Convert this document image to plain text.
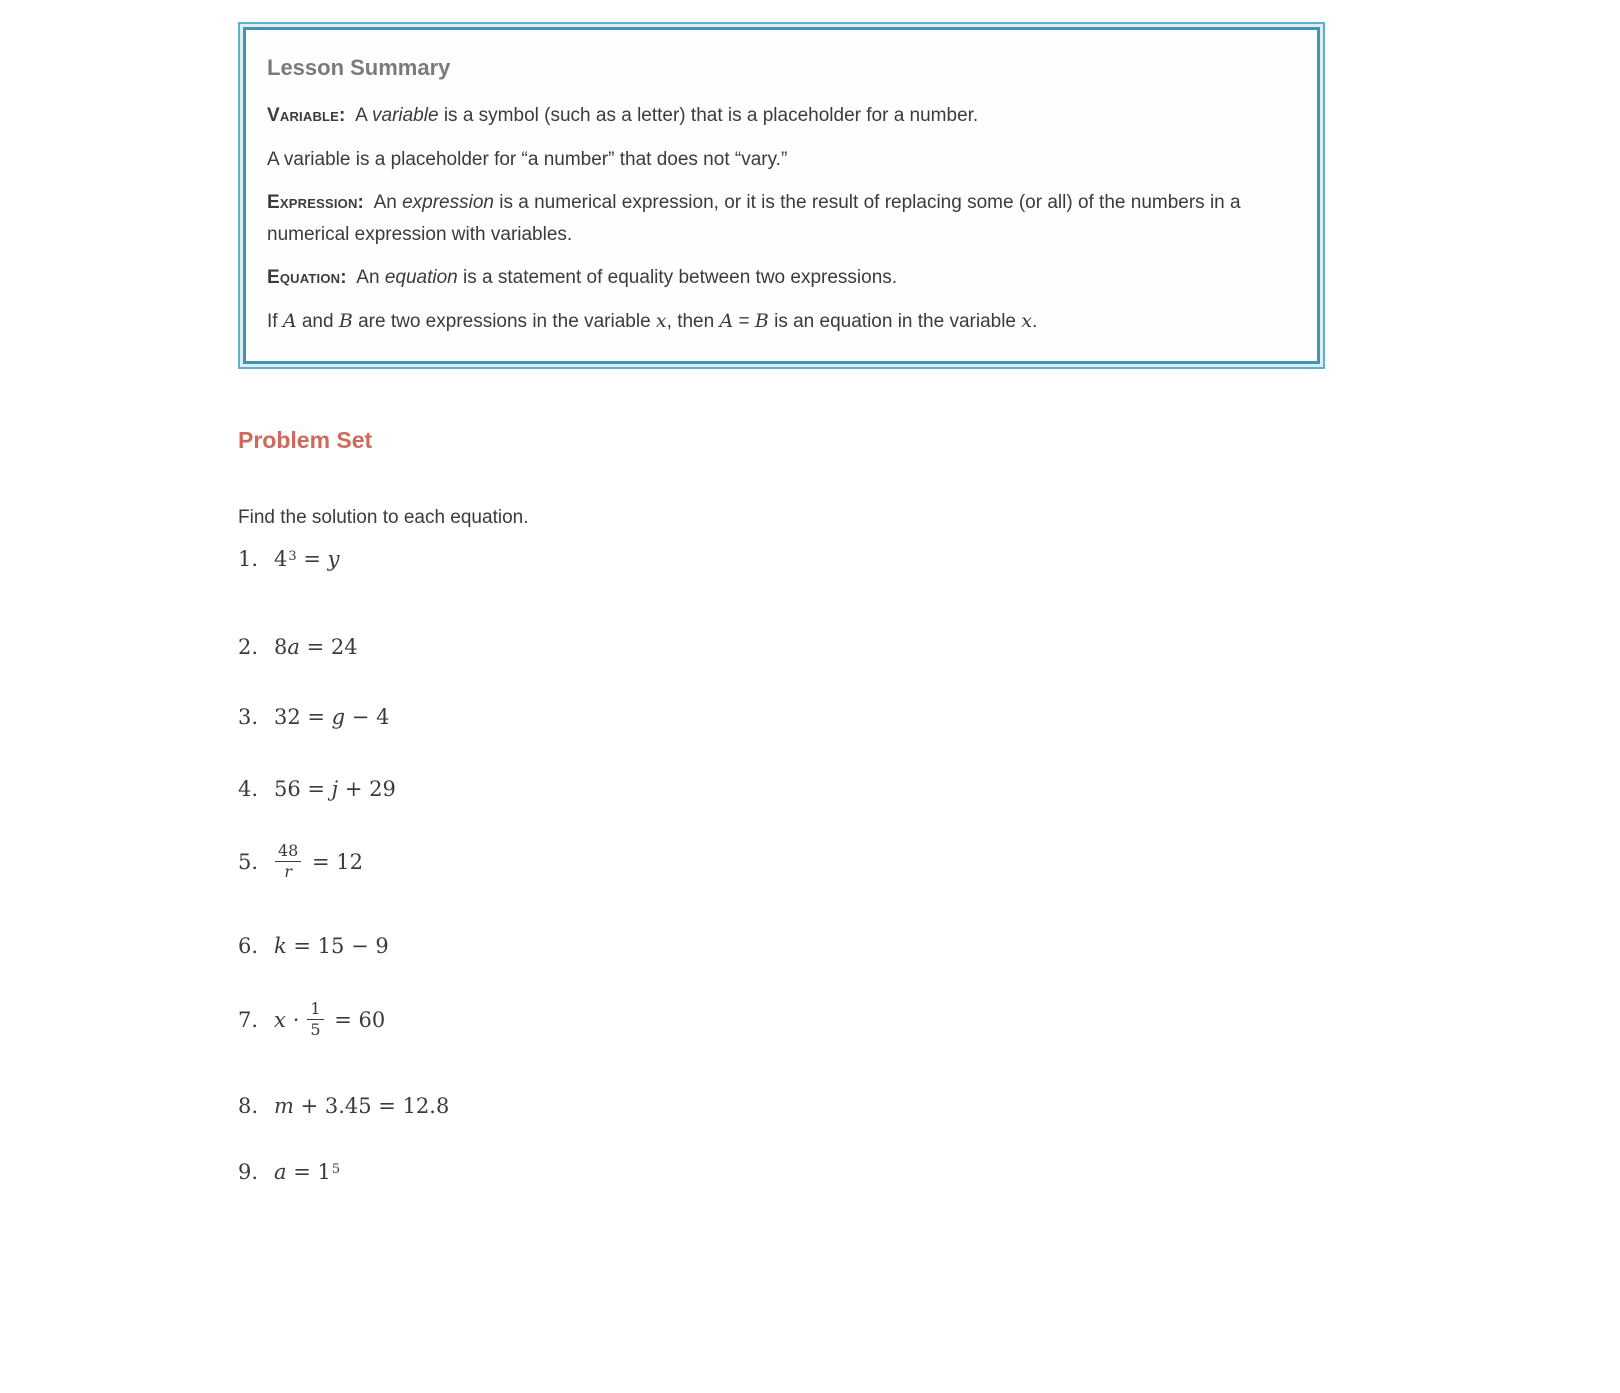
Lesson Summary

Variable:  A variable is a symbol (such as a letter) that is a placeholder for a number.

A variable is a placeholder for “a number” that does not “vary.”

Expression:  An expression is a numerical expression, or it is the result of replacing some (or all) of the numbers in a numerical expression with variables.

Equation:  An equation is a statement of equality between two expressions.

If A and B are two expressions in the variable x, then A = B is an equation in the variable x.

Problem Set

Find the solution to each equation.

1. $4^3 = y$
2. 8a = 24
3. 32 = g − 4
4. 56 = j + 29
5. $\frac{48}{r} = 12$
6. k = 15 − 9
7. $x \cdot \frac{1}{5} = 60$
8. m + 3.45 = 12.8
9. $a = 1^5$
